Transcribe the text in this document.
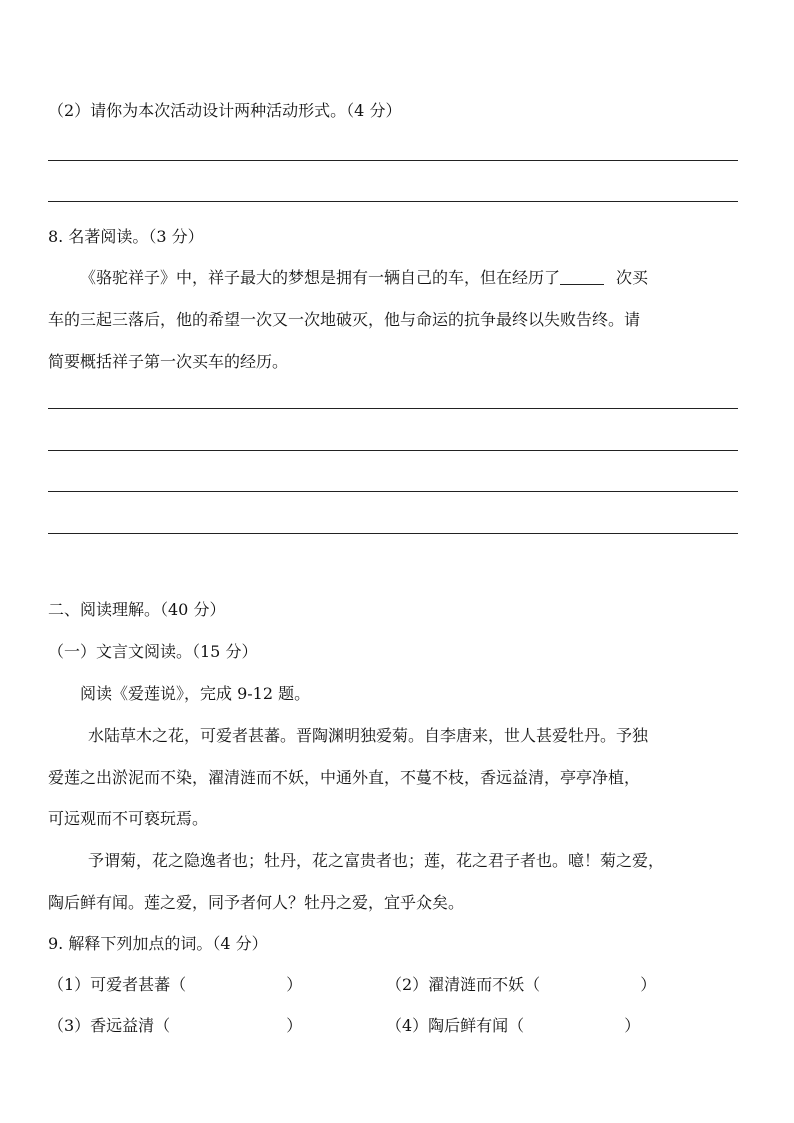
（2）请你为本次活动设计两种活动形式。（4 分）
8. 名著阅读。（3 分）
《骆驼祥子》中，祥子最大的梦想是拥有一辆自己的车，但在经历了	次买
车的三起三落后，他的希望一次又一次地破灭，他与命运的抗争最终以失败告终。请
简要概括祥子第一次买车的经历。
二、阅读理解。（40 分）
（一）文言文阅读。（15 分）
阅读《爱莲说》，完成 9-12 题。
水陆草木之花，可爱者甚蕃。晋陶渊明独爱菊。自李唐来，世人甚爱牡丹。予独
爱莲之出淤泥而不染，濯清涟而不妖，中通外直，不蔓不枝，香远益清，亭亭净植，
可远观而不可亵玩焉。
予谓菊，花之隐逸者也；牡丹，花之富贵者也；莲，花之君子者也。噫！菊之爱，
陶后鲜有闻。莲之爱，同予者何人？牡丹之爱，宜乎众矣。
9. 解释下列加点的词。（4 分）
（1）可爱者甚蕃（	）	（2）濯清涟而不妖（	）
（3）香远益清（	）	（4）陶后鲜有闻（	）
